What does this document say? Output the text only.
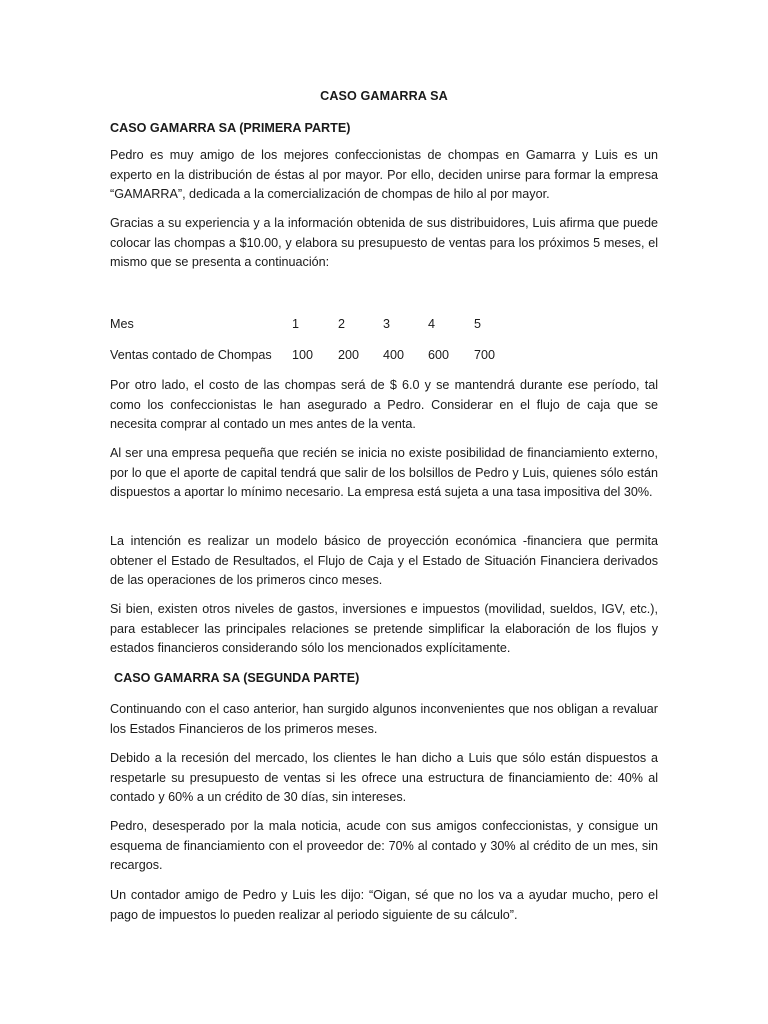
CASO GAMARRA SA
CASO GAMARRA SA (PRIMERA PARTE)

Pedro es muy amigo de los mejores confeccionistas de chompas en Gamarra y Luis es un experto en la distribución de éstas al por mayor. Por ello, deciden unirse para formar la empresa “GAMARRA”, dedicada a la comercialización de chompas de hilo al por mayor.

Gracias a su experiencia y a la información obtenida de sus distribuidores, Luis afirma que puede colocar las chompas a $10.00, y elabora su presupuesto de ventas para los próximos 5 meses, el mismo que se presenta a continuación:

Mes	1	2	3	4	5
Ventas contado de Chompas 100 200 400 600 700

Por otro lado, el costo de las chompas será de $ 6.0 y se mantendrá durante ese período, tal como los confeccionistas le han asegurado a Pedro. Considerar en el flujo de caja que se necesita comprar al contado un mes antes de la venta.

Al ser una empresa pequeña que recién se inicia no existe posibilidad de financiamiento externo, por lo que el aporte de capital tendrá que salir de los bolsillos de Pedro y Luis, quienes sólo están dispuestos a aportar lo mínimo necesario. La empresa está sujeta a una tasa impositiva del 30%.

La intención es realizar un modelo básico de proyección económica -financiera que permita obtener el Estado de Resultados, el Flujo de Caja y el Estado de Situación Financiera derivados de las operaciones de los primeros cinco meses.

Si bien, existen otros niveles de gastos, inversiones e impuestos (movilidad, sueldos, IGV, etc.), para establecer las principales relaciones se pretende simplificar la elaboración de los flujos y estados financieros considerando sólo los mencionados explícitamente.

CASO GAMARRA SA (SEGUNDA PARTE)

Continuando con el caso anterior, han surgido algunos inconvenientes que nos obligan a revaluar los Estados Financieros de los primeros meses.

Debido a la recesión del mercado, los clientes le han dicho a Luis que sólo están dispuestos a respetarle su presupuesto de ventas si les ofrece una estructura de financiamiento de: 40% al contado y 60% a un crédito de 30 días, sin intereses.

Pedro, desesperado por la mala noticia, acude con sus amigos confeccionistas, y consigue un esquema de financiamiento con el proveedor de: 70% al contado y 30% al crédito de un mes, sin recargos.

Un contador amigo de Pedro y Luis les dijo: “Oigan, sé que no los va a ayudar mucho, pero el pago de impuestos lo pueden realizar al periodo siguiente de su cálculo”.
